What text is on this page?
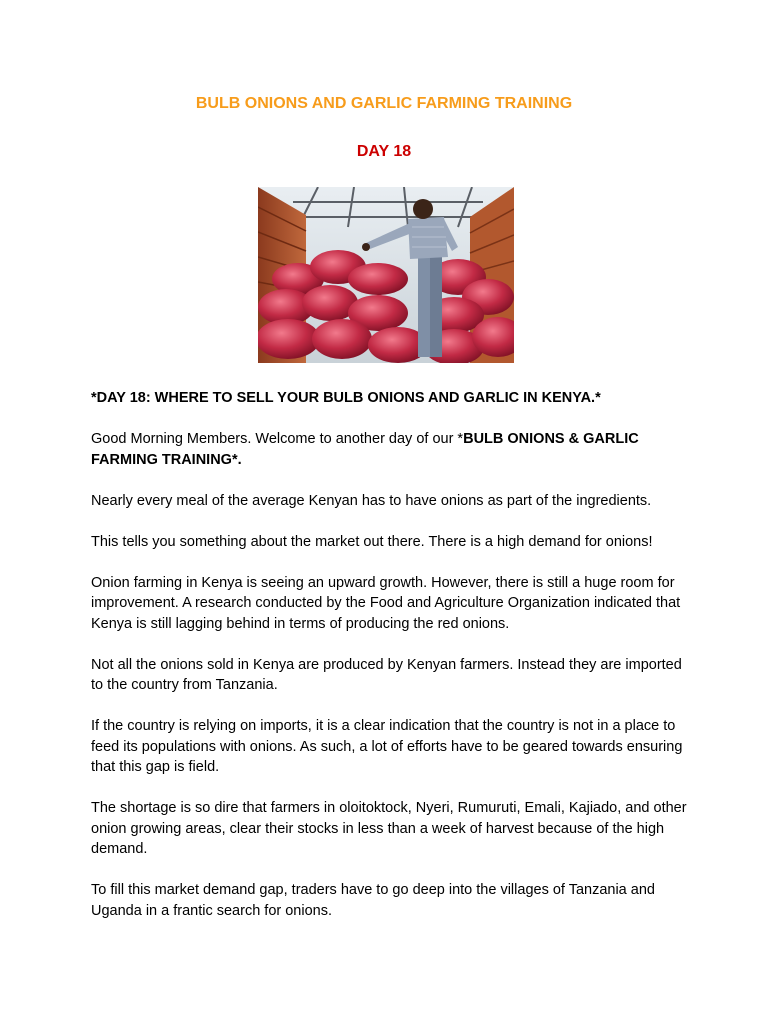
BULB ONIONS AND GARLIC FARMING TRAINING
DAY 18

*DAY 18: WHERE TO SELL YOUR BULB ONIONS AND GARLIC IN KENYA.*

Good Morning Members. Welcome to another day of our *BULB ONIONS & GARLIC FARMING TRAINING*.

Nearly every meal of the average Kenyan has to have onions as part of the ingredients.

This tells you something about the market out there. There is a high demand for onions!

Onion farming in Kenya is seeing an upward growth. However, there is still a huge room for improvement. A research conducted by the Food and Agriculture Organization indicated that Kenya is still lagging behind in terms of producing the red onions.

Not all the onions sold in Kenya are produced by Kenyan farmers. Instead they are imported to the country from Tanzania.

If the country is relying on imports, it is a clear indication that the country is not in a place to feed its populations with onions. As such, a lot of efforts have to be geared towards ensuring that this gap is field.

The shortage is so dire that farmers in oloitoktock, Nyeri, Rumuruti, Emali, Kajiado, and other onion growing areas, clear their stocks in less than a week of harvest because of the high demand.

To fill this market demand gap, traders have to go deep into the villages of Tanzania and Uganda in a frantic search for onions.
